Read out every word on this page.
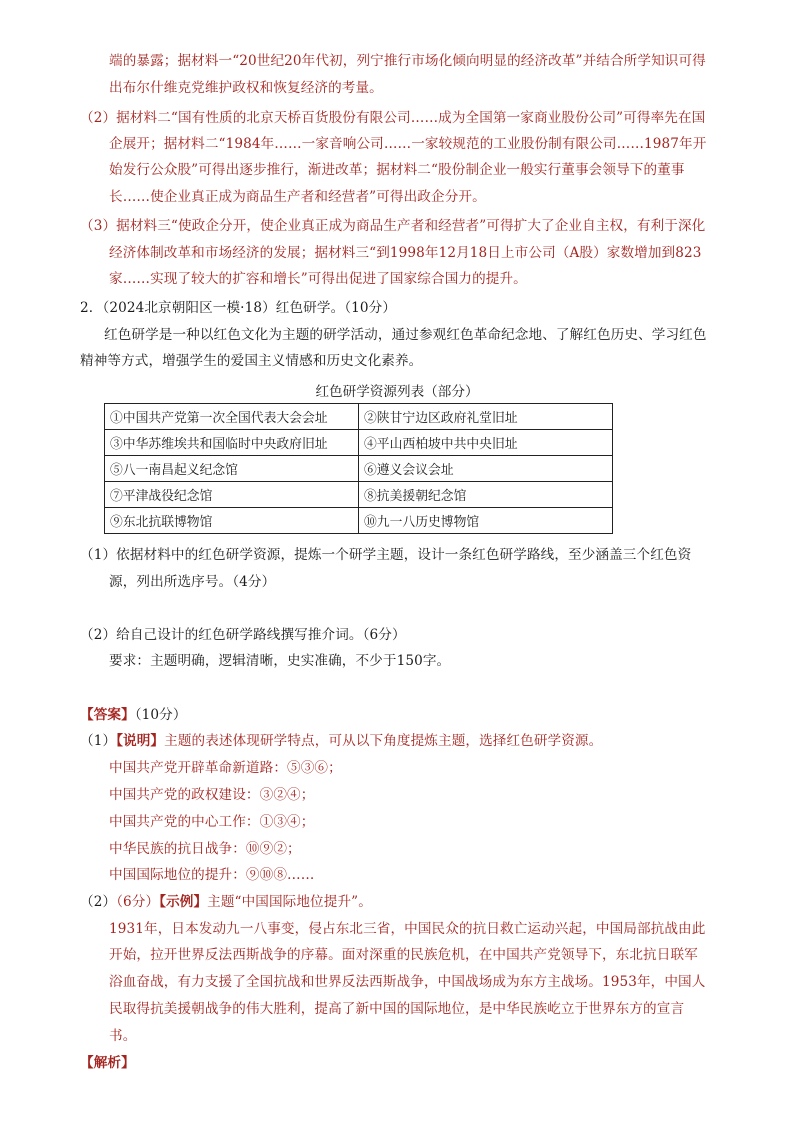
端的暴露；据材料一“20世纪20年代初，列宁推行市场化倾向明显的经济改革”并结合所学知识可得
出布尔什维克党维护政权和恢复经济的考量。
（2）据材料二“国有性质的北京天桥百货股份有限公司……成为全国第一家商业股份公司”可得率先在国
企展开；据材料二“1984年……一家音响公司……一家较规范的工业股份制有限公司……1987年开
始发行公众股”可得出逐步推行，渐进改革；据材料二“股份制企业一般实行董事会领导下的董事
长……使企业真正成为商品生产者和经营者”可得出政企分开。
（3）据材料三“使政企分开，使企业真正成为商品生产者和经营者”可得扩大了企业自主权，有利于深化
经济体制改革和市场经济的发展；据材料三“到1998年12月18日上市公司（A股）家数增加到823
家……实现了较大的扩容和增长”可得出促进了国家综合国力的提升。
2．（2024北京朝阳区一模·18）红色研学。（10分）
红色研学是一种以红色文化为主题的研学活动，通过参观红色革命纪念地、了解红色历史、学习红色
精神等方式，增强学生的爱国主义情感和历史文化素养。
红色研学资源列表（部分）
①中国共产党第一次全国代表大会会址	②陕甘宁边区政府礼堂旧址
③中华苏维埃共和国临时中央政府旧址	④平山西柏坡中共中央旧址
⑤八一南昌起义纪念馆	⑥遵义会议会址
⑦平津战役纪念馆	⑧抗美援朝纪念馆
⑨东北抗联博物馆	⑩九一八历史博物馆
（1）依据材料中的红色研学资源，提炼一个研学主题，设计一条红色研学路线，至少涵盖三个红色资
源，列出所选序号。（4分）
（2）给自己设计的红色研学路线撰写推介词。（6分）
要求：主题明确，逻辑清晰，史实准确，不少于150字。
【答案】（10分）
（1）【说明】主题的表述体现研学特点，可从以下角度提炼主题，选择红色研学资源。
中国共产党开辟革命新道路：⑤③⑥；
中国共产党的政权建设：③②④；
中国共产党的中心工作：①③④；
中华民族的抗日战争：⑩⑨②；
中国国际地位的提升：⑨⑩⑧……
（2）（6分）【示例】主题“中国国际地位提升”。
1931年，日本发动九一八事变，侵占东北三省，中国民众的抗日救亡运动兴起，中国局部抗战由此
开始，拉开世界反法西斯战争的序幕。面对深重的民族危机，在中国共产党领导下，东北抗日联军
浴血奋战，有力支援了全国抗战和世界反法西斯战争，中国战场成为东方主战场。1953年，中国人
民取得抗美援朝战争的伟大胜利，提高了新中国的国际地位，是中华民族屹立于世界东方的宣言
书。
【解析】
